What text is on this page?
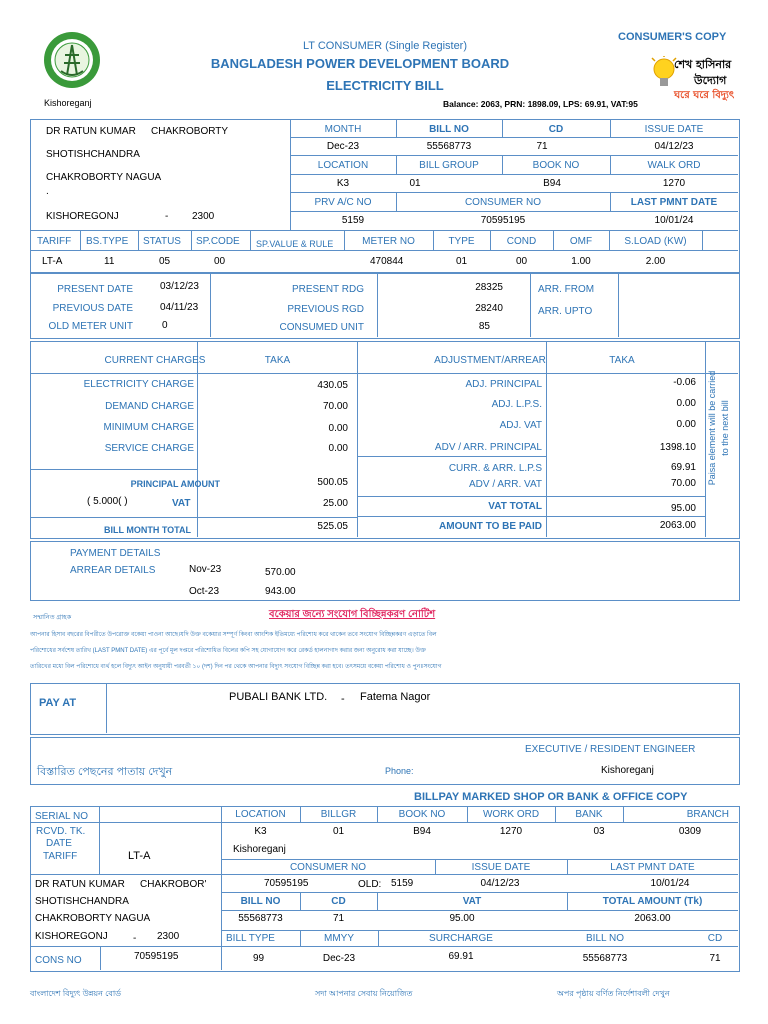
Kishoreganj
LT CONSUMER (Single Register)
BANGLADESH POWER DEVELOPMENT BOARD
ELECTRICITY BILL
CONSUMER'S COPY
Balance: 2063, PRN: 1898.09, LPS: 69.91, VAT:95
শেখ হাসিনার
উদ্যোগ
ঘরে ঘরে বিদ্যুৎ
DR RATUN KUMAR CHAKROBORTY
SHOTISHCHANDRA
CHAKROBORTY NAGUA
.
KISHOREGONJ	- 2300
MONTH	BILL NO	CD	ISSUE DATE
Dec-23	55568773	71	04/12/23
LOCATION	BILL GROUP	BOOK NO	WALK ORD
K3	01	B94	1270
PRV A/C NO	CONSUMER NO	LAST PMNT DATE
5159	70595195	10/01/24
TARIFF BS.TYPE STATUS SP.CODE SP.VALUE & RULE	METER NO	TYPE	COND	OMF	S.LOAD (KW)
LT-A	11	05	00	470844	01	00	1.00	2.00
PRESENT DATE	03/12/23
PREVIOUS DATE	04/11/23
OLD METER UNIT	0
PRESENT RDG	28325
PREVIOUS RGD	28240
CONSUMED UNIT	85
ARR. FROM
ARR. UPTO
CURRENT CHARGES	TAKA	ADJUSTMENT/ARREAR	TAKA
ELECTRICITY CHARGE	430.05
DEMAND CHARGE	70.00
MINIMUM CHARGE	0.00
SERVICE CHARGE	0.00
PRINCIPAL AMOUNT	500.05
( 5.000( )	VAT	25.00
BILL MONTH TOTAL	525.05
ADJ. PRINCIPAL	-0.06
ADJ. L.P.S.	0.00
ADJ. VAT	0.00
ADV / ARR. PRINCIPAL	1398.10
CURR. & ARR. L.P.S	69.91
ADV / ARR. VAT	70.00
VAT TOTAL	95.00
AMOUNT TO BE PAID	2063.00
Paisa element will be carried to the next bill
PAYMENT DETAILS
ARREAR DETAILS	Nov-23	570.00
Oct-23	943.00
সম্মানিত গ্রাহক	বকেয়ার জন্যে সংযোগ বিচ্ছিন্নকরণ নোটিশ
আপনার হিসাব বছরের বিপরীতে উপরোক্ত বকেয়া পাওনা আছে।যদি উক্ত বকেয়ার সম্পূর্ণ কিংবা আংশিক ইতিমধ্যে পরিশোধ করে থাকেন তবে সংযোগ বিচ্ছিন্নকরণ এড়াতে বিল
পরিশোধের সর্বশেষ তারিখ (LAST PMNT DATE) এর পূর্বে মূল দপ্তরে পরিশোধিত বিলের কপি সহ যোগাযোগ করে রেকর্ড হালনাগাদ করার জন্য অনুরোধ করা যাচ্ছে। উক্ত
তারিখের মধ্যে বিল পরিশোধে ব্যর্থ হলে বিদ্যুৎ আইন অনুযায়ী পরবর্তী ১০ (দশ) দিন পর থেকে আপনার বিদ্যুৎ সংযোগ বিচ্ছিন্ন করা হবে। তৎসময়ে বকেয়া পরিশোধ ও পুনঃসংযোগ
PAY AT	PUBALI BANK LTD. - Fatema Nagor
EXECUTIVE / RESIDENT ENGINEER
বিস্তারিত পেছনের পাতায় দেখুন	Phone:	Kishoreganj
BILLPAY MARKED SHOP OR BANK & OFFICE COPY
SERIAL NO
RCVD. TK.
DATE
TARIFF	LT-A
LOCATION	BILLGR	BOOK NO	WORK ORD	BANK	BRANCH
K3	01	B94	1270	03	0309
Kishoreganj
CONSUMER NO	ISSUE DATE	LAST PMNT DATE
DR RATUN KUMAR CHAKROBOR'
SHOTISHCHANDRA
CHAKROBORTY NAGUA
KISHOREGONJ	- 2300
70595195	OLD: 5159	04/12/23	10/01/24
BILL NO	CD	VAT	TOTAL AMOUNT (Tk)
55568773	71	95.00	2063.00
BILL TYPE	MMYY	SURCHARGE	BILL NO	CD
CONS NO	70595195	99	Dec-23	69.91	55568773	71
বাংলাদেশ বিদ্যুৎ উন্নয়ন বোর্ড	সদা আপনার সেবায় নিয়োজিত	অপর পৃষ্ঠায় বর্ণিত নির্দেশাবলী দেখুন
